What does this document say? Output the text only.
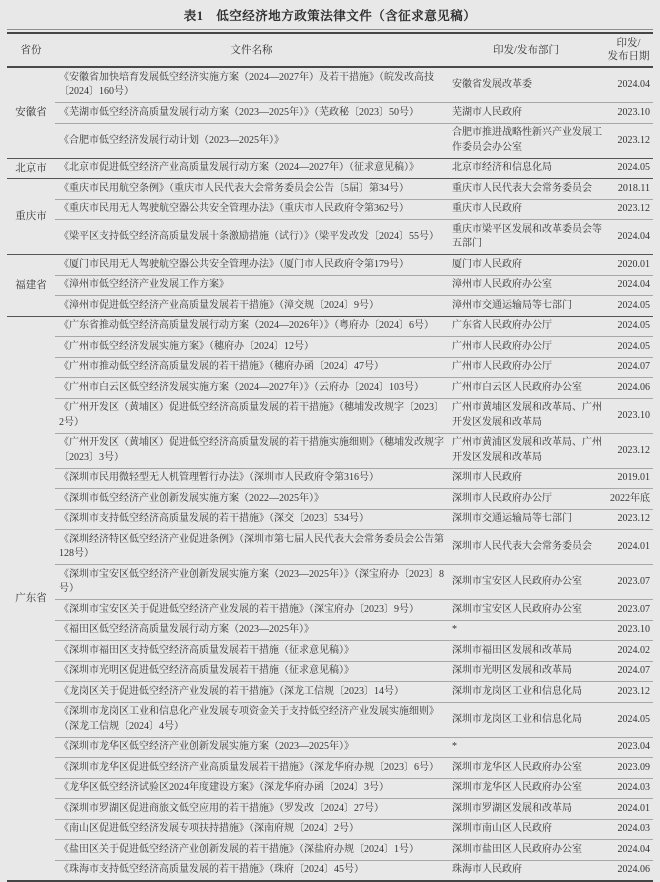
表1 低空经济地方政策法律文件（含征求意见稿）
省份	文件名称	印发/发布部门	印发/
发布日期
安徽省	《安徽省加快培育发展低空经济实施方案（2024—2027年）及若干措施》（皖发改高技〔2024〕160号）	安徽省发展改革委	2024.04
	《芜湖市低空经济高质量发展行动方案（2023—2025年）》（芜政秘〔2023〕50号）	芜湖市人民政府	2023.10
	《合肥市低空经济发展行动计划（2023—2025年）》	合肥市推进战略性新兴产业发展工作委员会办公室	2023.12
北京市	《北京市促进低空经济产业高质量发展行动方案（2024—2027年）（征求意见稿）》	北京市经济和信息化局	2024.05
重庆市	《重庆市民用航空条例》（重庆市人民代表大会常务委员会公告〔5届〕第34号）	重庆市人民代表大会常务委员会	2018.11
	《重庆市民用无人驾驶航空器公共安全管理办法》（重庆市人民政府令第362号）	重庆市人民政府	2023.12
	《梁平区支持低空经济高质量发展十条激励措施（试行）》（梁平发改发〔2024〕55号）	重庆市梁平区发展和改革委员会等五部门	2024.04
福建省	《厦门市民用无人驾驶航空器公共安全管理办法》（厦门市人民政府令第179号）	厦门市人民政府	2020.01
	《漳州市低空经济产业发展工作方案》	漳州市人民政府办公室	2024.04
	《漳州市促进低空经济产业高质量发展若干措施》（漳交规〔2024〕9号）	漳州市交通运输局等七部门	2024.05
广东省	《广东省推动低空经济高质量发展行动方案（2024—2026年）》（粤府办〔2024〕6号）	广东省人民政府办公厅	2024.05
	《广州市低空经济发展实施方案》（穗府办〔2024〕12号）	广州市人民政府办公厅	2024.05
	《广州市推动低空经济高质量发展的若干措施》（穗府办函〔2024〕47号）	广州市人民政府办公厅	2024.07
	《广州市白云区低空经济发展实施方案（2024—2027年）》（云府办〔2024〕103号）	广州市白云区人民政府办公室	2024.06
	《广州开发区（黄埔区）促进低空经济高质量发展的若干措施》（穗埔发改规字〔2023〕2号）	广州市黄埔区发展和改革局、广州开发区发展和改革局	2023.10
	《广州开发区（黄埔区）促进低空经济高质量发展的若干措施实施细则》（穗埔发改规字〔2023〕3号）	广州市黄浦区发展和改革局、广州开发区发展和改革局	2023.12
	《深圳市民用微轻型无人机管理暂行办法》（深圳市人民政府令第316号）	深圳市人民政府	2019.01
	《深圳市低空经济产业创新发展实施方案（2022—2025年）》	深圳市人民政府办公厅	2022年底
	《深圳市支持低空经济高质量发展的若干措施》（深交〔2023〕534号）	深圳市交通运输局等七部门	2023.12
	《深圳经济特区低空经济产业促进条例》（深圳市第七届人民代表大会常务委员会公告第128号）	深圳市人民代表大会常务委员会	2024.01
	《深圳市宝安区低空经济产业创新发展实施方案（2023—2025年）》（深宝府办〔2023〕8号）	深圳市宝安区人民政府办公室	2023.07
	《深圳市宝安区关于促进低空经济产业发展的若干措施》（深宝府办〔2023〕9号）	深圳市宝安区人民政府办公室	2023.07
	《福田区低空经济高质量发展行动方案（2023—2025年）》	*	2023.10
	《深圳市福田区支持低空经济高质量发展若干措施（征求意见稿）》	深圳市福田区发展和改革局	2024.02
	《深圳市光明区促进低空经济高质量发展若干措施（征求意见稿）》	深圳市光明区发展和改革局	2024.07
	《龙岗区关于促进低空经济产业发展的若干措施》（深龙工信规〔2023〕14号）	深圳市龙岗区工业和信息化局	2023.12
	《深圳市龙岗区工业和信息化产业发展专项资金关于支持低空经济产业发展实施细则》（深龙工信规〔2024〕4号）	深圳市龙岗区工业和信息化局	2024.05
	《深圳市龙华区低空经济产业创新发展实施方案（2023—2025年）》	*	2023.04
	《深圳市龙华区促进低空经济产业高质量发展若干措施》（深龙华府办规〔2023〕6号）	深圳市龙华区人民政府办公室	2023.09
	《龙华区低空经济试验区2024年度建设方案》（深龙华府办函〔2024〕3号）	深圳市龙华区人民政府办公室	2024.03
	《深圳市罗湖区促进商旅文低空应用的若干措施》（罗发改〔2024〕27号）	深圳市罗湖区发展和改革局	2024.01
	《南山区促进低空经济发展专项扶持措施》（深南府规〔2024〕2号）	深圳市南山区人民政府	2024.03
	《盐田区关于促进低空经济产业创新发展的若干措施》（深盐府办规〔2024〕1号）	深圳市盐田区人民政府办公室	2024.04
	《珠海市支持低空经济高质量发展的若干措施》（珠府〔2024〕45号）	珠海市人民政府	2024.06
